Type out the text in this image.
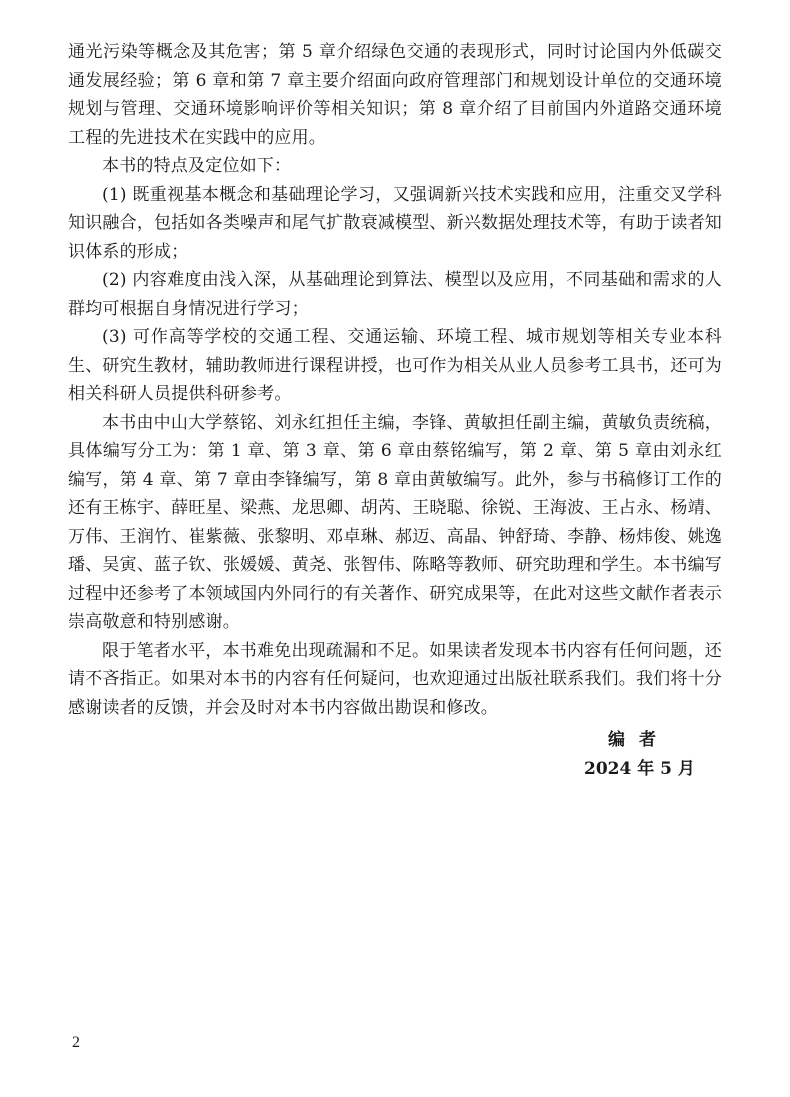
通光污染等概念及其危害；第 5 章介绍绿色交通的表现形式，同时讨论国内外低碳交通发展经验；第 6 章和第 7 章主要介绍面向政府管理部门和规划设计单位的交通环境规划与管理、交通环境影响评价等相关知识；第 8 章介绍了目前国内外道路交通环境工程的先进技术在实践中的应用。

本书的特点及定位如下：

(1) 既重视基本概念和基础理论学习，又强调新兴技术实践和应用，注重交叉学科知识融合，包括如各类噪声和尾气扩散衰减模型、新兴数据处理技术等，有助于读者知识体系的形成；

(2) 内容难度由浅入深，从基础理论到算法、模型以及应用，不同基础和需求的人群均可根据自身情况进行学习；

(3) 可作高等学校的交通工程、交通运输、环境工程、城市规划等相关专业本科生、研究生教材，辅助教师进行课程讲授，也可作为相关从业人员参考工具书，还可为相关科研人员提供科研参考。

本书由中山大学蔡铭、刘永红担任主编，李锋、黄敏担任副主编，黄敏负责统稿，具体编写分工为：第 1 章、第 3 章、第 6 章由蔡铭编写，第 2 章、第 5 章由刘永红编写，第 4 章、第 7 章由李锋编写，第 8 章由黄敏编写。此外，参与书稿修订工作的还有王栋宇、薛旺星、梁燕、龙思卿、胡芮、王晓聪、徐锐、王海波、王占永、杨靖、万伟、王润竹、崔紫薇、张黎明、邓卓琳、郝迈、高晶、钟舒琦、李静、杨炜俊、姚逸璠、吴寅、蓝子钦、张媛媛、黄尧、张智伟、陈略等教师、研究助理和学生。本书编写过程中还参考了本领域国内外同行的有关著作、研究成果等，在此对这些文献作者表示崇高敬意和特别感谢。

限于笔者水平，本书难免出现疏漏和不足。如果读者发现本书内容有任何问题，还请不吝指正。如果对本书的内容有任何疑问，也欢迎通过出版社联系我们。我们将十分感谢读者的反馈，并会及时对本书内容做出勘误和修改。

编者
2024 年 5 月
2
